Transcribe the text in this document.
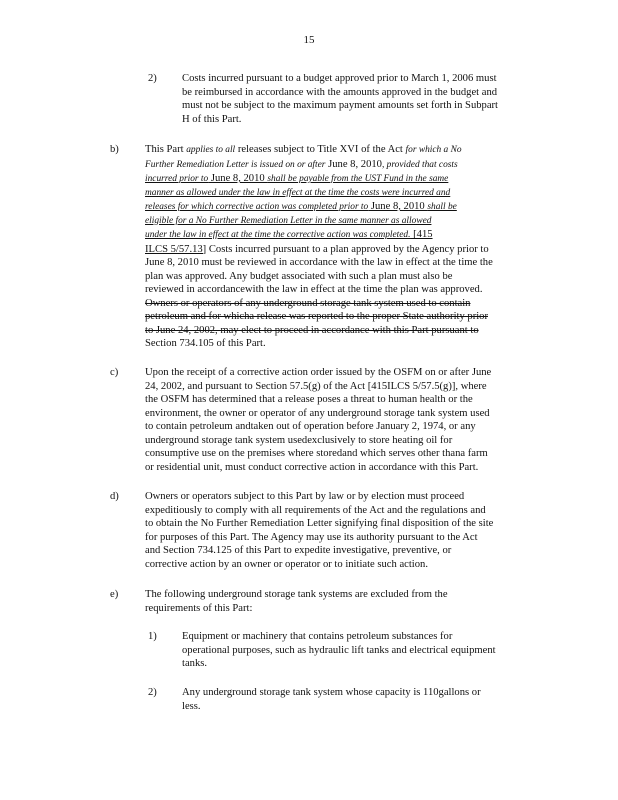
15
2) Costs incurred pursuant to a budget approved prior to March 1, 2006 must
be reimbursed in accordance with the amounts approved in the budget and
must not be subject to the maximum payment amounts set forth in Subpart
H of this Part.
b) This Part applies to all releases subject to Title XVI of the Act for which a No
Further Remediation Letter is issued on or after June 8, 2010, provided that costs
incurred prior to June 8, 2010 shall be payable from the UST Fund in the same
manner as allowed under the law in effect at the time the costs were incurred and
releases for which corrective action was completed prior to June 8, 2010 shall be
eligible for a No Further Remediation Letter in the same manner as allowed
under the law in effect at the time the corrective action was completed. [415
ILCS 5/57.13] Costs incurred pursuant to a plan approved by the Agency prior to
June 8, 2010 must be reviewed in accordance with the law in effect at the time the
plan was approved. Any budget associated with such a plan must also be
reviewed in accordancewith the law in effect at the time the plan was approved.
Owners or operators of any underground storage tank system used to contain
petroleum and for whicha release was reported to the proper State authority prior
to June 24, 2002, may elect to proceed in accordance with this Part pursuant to
Section 734.105 of this Part.
c)	Upon the receipt of a corrective action order issued by the OSFM on or after June
24, 2002, and pursuant to Section 57.5(g) of the Act [415ILCS 5/57.5(g)], where
the OSFM has determined that a release poses a threat to human health or the
environment, the owner or operator of any underground storage tank system used
to contain petroleum andtaken out of operation before January 2, 1974, or any
underground storage tank system usedexclusively to store heating oil for
consumptive use on the premises where storedand which serves other thana farm
or residential unit, must conduct corrective action in accordance with this Part.
d) Owners or operators subject to this Part by law or by election must proceed
expeditiously to comply with all requirements of the Act and the regulations and
to obtain the No Further Remediation Letter signifying final disposition of the site
for purposes of this Part. The Agency may use its authority pursuant to the Act
and Section 734.125 of this Part to expedite investigative, preventive, or
corrective action by an owner or operator or to initiate such action.
e)	The following underground storage tank systems are excluded from the
requirements of this Part:
1) Equipment or machinery that contains petroleum substances for
operational purposes, such as hydraulic lift tanks and electrical equipment
tanks.
2) Any underground storage tank system whose capacity is 110gallons or
less.
